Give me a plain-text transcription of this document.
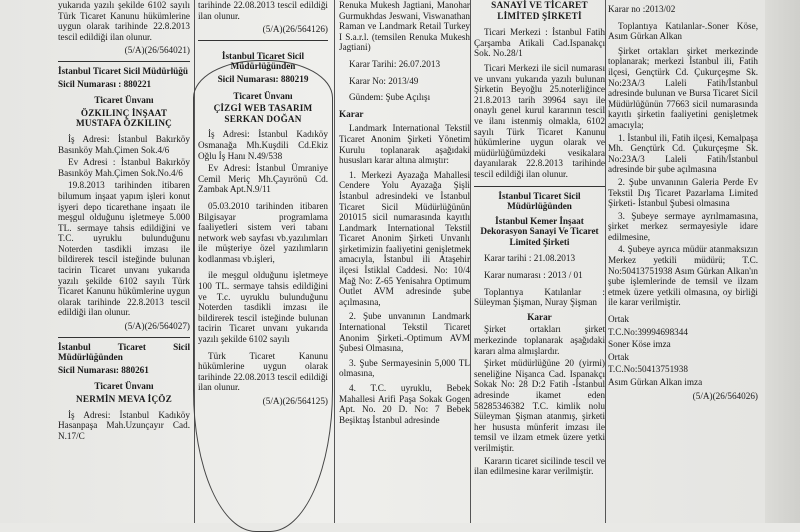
yukarıda yazılı şekilde 6102 sayılı Türk Ticaret Kanunu hükümlerine uygun olarak tarihinde 22.8.2013 tescil edildiği ilan olunur.

(5/A)(26/564021)

İstanbul Ticaret Sicil Müdürlüğü

Sicil Numarası : 880221

Ticaret Ünvanı

ÖZKILINÇ İNŞAAT MUSTAFA ÖZKILINÇ

İş Adresi: İstanbul Bakırköy Basınköy Mah.Çimen Sok.4/6

Ev Adresi : İstanbul Bakırköy Basınköy Mah.Çimen Sok.No.4/6

19.8.2013 tarihinden itibaren bilumum inşaat yapım işleri konut işyeri depo ticarethane inşaatı ile meşgul olduğunu işletmeye 5.000 TL. sermaye tahsis edildiğini ve T.C. uyruklu bulunduğunu Noterden tasdikli imzası ile bildirerek tescil isteğinde bulunan tacirin Ticaret unvanı yukarıda yazılı şekilde 6102 sayılı Türk Ticaret Kanunu hükümlerine uygun olarak tarihinde 22.8.2013 tescil edildiği ilan olunur.

(5/A)(26/564027)

İstanbul Ticaret Sicil Müdürlüğünden

Sicil Numarası: 880261

Ticaret Ünvanı

NERMİN MEVA İÇÖZ

İş Adresi: İstanbul Kadıköy Hasanpaşa Mah.Uzunçayır Cad. N.17/C

tarihinde 22.08.2013 tescil edildiği ilan olunur.

(5/A)(26/564126)

İstanbul Ticaret Sicil Müdürlüğünden

Sicil Numarası: 880219

Ticaret Ünvanı

ÇİZGİ WEB TASARIM SERKAN DOĞAN

İş Adresi: İstanbul Kadıköy Osmanağa Mh.Kuşdili Cd.Ekiz Oğlu İş Hanı N.49/538

Ev Adresi: İstanbul Ümraniye Cemil Meriç Mh.Çayırönü Cd. Zambak Apt.N.9/11

05.03.2010 tarihinden itibaren Bilgisayar programlama faaliyetleri sistem veri tabanı network web sayfası vb.yazılımları ile müşteriye özel yazılımların kodlanması vb.işleri,

ile meşgul olduğunu işletmeye 100 TL. sermaye tahsis edildiğini ve T.c. uyruklu bulunduğunu Noterden tasdikli imzası ile bildirerek tescil isteğinde bulunan tacirin Ticaret unvanı yukarıda yazılı şekilde 6102 sayılı

Türk Ticaret Kanunu hükümlerine uygun olarak tarihinde 22.08.2013 tescil edildiği ilan olunur.

(5/A)(26/564125)

Renuka Mukesh Jagtiani, Manohar Gurmukhdas Jeswani, Viswanathan Raman ve Landmark Retail Turkey I S.a.r.l. (temsilen Renuka Mukesh Jagtiani)

Karar Tarihi: 26.07.2013

Karar No: 2013/49

Gündem: Şube Açılışı

Karar

Landmark International Tekstil Ticaret Anonim Şirketi Yönetim Kurulu toplanarak aşağıdaki hususları karar altına almıştır:

1. Merkezi Ayazağa Mahallesi Cendere Yolu Ayazağa Şişli İstanbul adresindeki ve İstanbul Ticaret Sicil Müdürlüğünün 201015 sicil numarasında kayıtlı Landmark International Tekstil Ticaret Anonim Şirketi Unvanlı şirketimizin faaliyetini genişletmek amacıyla, İstanbul ili Ataşehir ilçesi İstiklal Caddesi. No: 10/4 Mağ No: Z-65 Yenisahra Optimum Outlet AVM adresinde şube açılmasına,

2. Şube unvanının Landmark International Tekstil Ticaret Anonim Şirketi.-Optimum AVM Şubesi Olmasına,

3. Şube Sermayesinin 5,000 TL olmasına,

4. T.C. uyruklu, Bebek Mahallesi Arifi Paşa Sokak Gogen Apt. No. 20 D. No: 7 Bebek Beşiktaş İstanbul adresinde

SANAYİ VE TİCARET LİMİTED ŞİRKETİ

Ticari Merkezi : İstanbul Fatih Çarşamba Atikali Cad.Ispanakçı Sok. No.28/1

Ticari Merkezi ile sicil numarası ve unvanı yukarıda yazılı bulunan Şirketin Beyoğlu 25.noterliğince 21.8.2013 tarih 39964 sayı ile onaylı genel kurul kararının tescil ve ilanı istenmiş olmakla, 6102 sayılı Türk Ticaret Kanunu hükümlerine uygun olarak ve müdürlüğümüzdeki vesikalara dayanılarak 22.8.2013 tarihinde tescil edildiği ilan olunur.

İstanbul Ticaret Sicil Müdürlüğünden

İstanbul Kemer İnşaat Dekorasyon Sanayi Ve Ticaret Limited Şirketi

Karar tarihi : 21.08.2013

Karar numarası : 2013 / 01

Toplantıya Katılanlar : Süleyman Şişman, Nuray Şişman

Karar

Şirket ortakları şirket merkezinde toplanarak aşağıdaki kararı alma almışlardır.

Şirket müdürlüğüne 20 (yirmi) seneliğine Nişanca Cad. Ispanakçı Sokak No: 28 D:2 Fatih -İstanbul adresinde ikamet eden 58285346382 T.C. kimlik nolu Süleyman Şişman atanmış, şirketi her hususta münferit imzası ile temsil ve ilzam etmek üzere yetki verilmiştir.

Kararın ticaret sicilinde tescil ve ilan edilmesine karar verilmiştir.

Karar no :2013/02

Toplantıya Katılanlar-.Soner Köse, Asım Gürkan Alkan

Şirket ortakları şirket merkezinde toplanarak; merkezi İstanbul ili, Fatih ilçesi, Gençtürk Cd. Çukurçeşme Sk. No:23A/3 Laleli Fatih/İstanbul adresinde bulunan ve Bursa Ticaret Sicil Müdürlüğünün 77663 sicil numarasında kayıtlı şirketin faaliyetini genişletmek amacıyla;

1. İstanbul ili, Fatih ilçesi, Kemalpaşa Mh. Gençtürk Cd. Çukurçeşme Sk. No:23A/3 Laleli Fatih/İstanbul adresinde bir şube açılmasına

2. Şube unvanının Galeria Perde Ev Tekstil Dış Ticaret Pazarlama Limited Şirketi- İstanbul Şubesi olmasına

3. Şubeye sermaye ayrılmamasına, şirket merkez sermayesiyle idare edilmesine,

4. Şubeye ayrıca müdür atanmaksızın Merkez yetkili müdürü; T.C. No:50413751938 Asım Gürkan Alkan'ın şube işlemlerinde de temsil ve ilzam etmek üzere yetkili olmasına, oy birliği ile karar verilmiştir.

Ortak

T.C.No:39994698344

Soner Köse imza

Ortak

T.C.No:50413751938

Asım Gürkan Alkan imza

(5/A)(26/564026)
